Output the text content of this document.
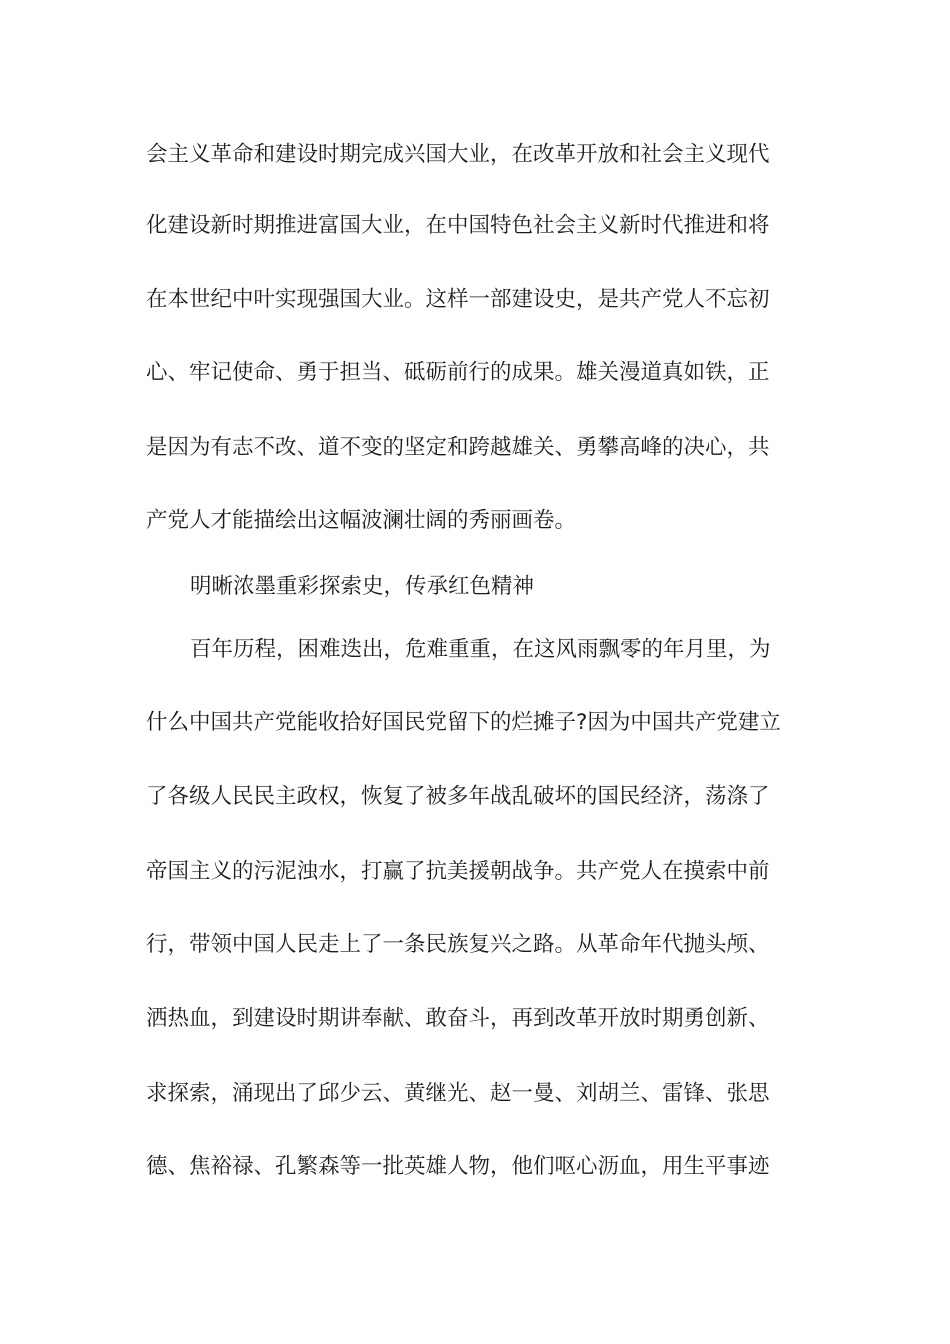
会主义革命和建设时期完成兴国大业，在改革开放和社会主义现代
化建设新时期推进富国大业，在中国特色社会主义新时代推进和将
在本世纪中叶实现强国大业。这样一部建设史，是共产党人不忘初
心、牢记使命、勇于担当、砥砺前行的成果。雄关漫道真如铁，正
是因为有志不改、道不变的坚定和跨越雄关、勇攀高峰的决心，共
产党人才能描绘出这幅波澜壮阔的秀丽画卷。
明晰浓墨重彩探索史，传承红色精神
百年历程，困难迭出，危难重重，在这风雨飘零的年月里，为
什么中国共产党能收拾好国民党留下的烂摊子?因为中国共产党建立
了各级人民民主政权，恢复了被多年战乱破坏的国民经济，荡涤了
帝国主义的污泥浊水，打赢了抗美援朝战争。共产党人在摸索中前
行，带领中国人民走上了一条民族复兴之路。从革命年代抛头颅、
洒热血，到建设时期讲奉献、敢奋斗，再到改革开放时期勇创新、
求探索，涌现出了邱少云、黄继光、赵一曼、刘胡兰、雷锋、张思
德、焦裕禄、孔繁森等一批英雄人物，他们呕心沥血，用生平事迹
